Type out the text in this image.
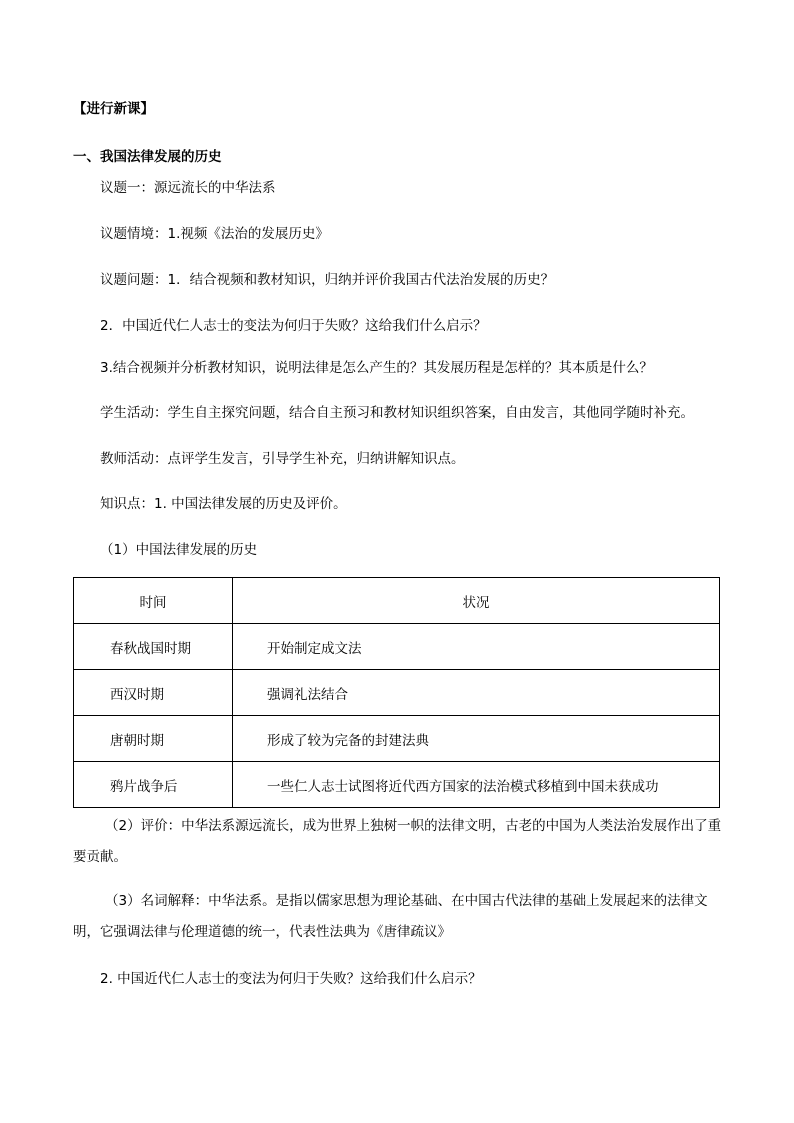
【进行新课】
一、我国法律发展的历史
议题一：源远流长的中华法系
议题情境：1.视频《法治的发展历史》
议题问题：1．结合视频和教材知识，归纳并评价我国古代法治发展的历史？
2．中国近代仁人志士的变法为何归于失败？这给我们什么启示？
3.结合视频并分析教材知识，说明法律是怎么产生的？其发展历程是怎样的？其本质是什么？
学生活动：学生自主探究问题，结合自主预习和教材知识组织答案，自由发言，其他同学随时补充。
教师活动：点评学生发言，引导学生补充，归纳讲解知识点。
知识点：1. 中国法律发展的历史及评价。
（1）中国法律发展的历史
时间	状况
春秋战国时期	开始制定成文法
西汉时期	强调礼法结合
唐朝时期	形成了较为完备的封建法典
鸦片战争后	一些仁人志士试图将近代西方国家的法治模式移植到中国未获成功
（2）评价：中华法系源远流长，成为世界上独树一帜的法律文明，古老的中国为人类法治发展作出了重要贡献。
（3）名词解释：中华法系。是指以儒家思想为理论基础、在中国古代法律的基础上发展起来的法律文明，它强调法律与伦理道德的统一，代表性法典为《唐律疏议》
2. 中国近代仁人志士的变法为何归于失败？这给我们什么启示？
